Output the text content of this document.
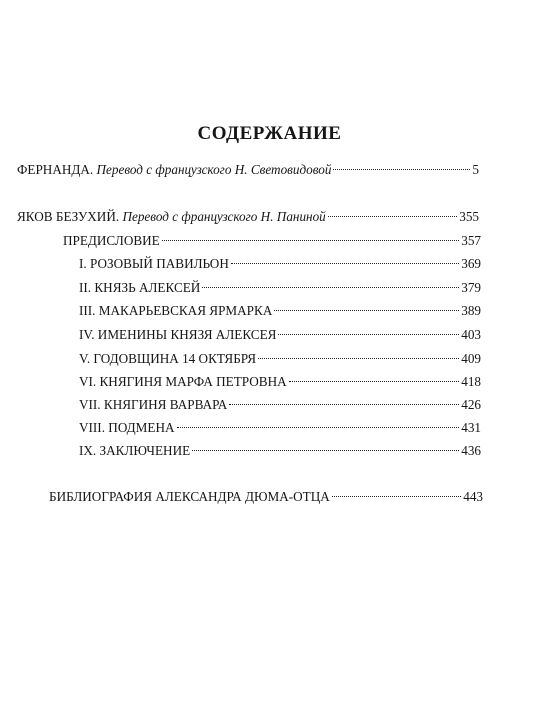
СОДЕРЖАНИЕ
ФЕРНАНДА. Перевод с французского Н. Световидовой	5
ЯКОВ БЕЗУХИЙ. Перевод с французского Н. Паниной	355
ПРЕДИСЛОВИЕ	357
I. РОЗОВЫЙ ПАВИЛЬОН	369
II. КНЯЗЬ АЛЕКСЕЙ	379
III. МАКАРЬЕВСКАЯ ЯРМАРКА	389
IV. ИМЕНИНЫ КНЯЗЯ АЛЕКСЕЯ	403
V. ГОДОВЩИНА 14 ОКТЯБРЯ	409
VI. КНЯГИНЯ МАРФА ПЕТРОВНА	418
VII. КНЯГИНЯ ВАРВАРА	426
VIII. ПОДМЕНА	431
IX. ЗАКЛЮЧЕНИЕ	436
БИБЛИОГРАФИЯ АЛЕКСАНДРА ДЮМА-ОТЦА	443
